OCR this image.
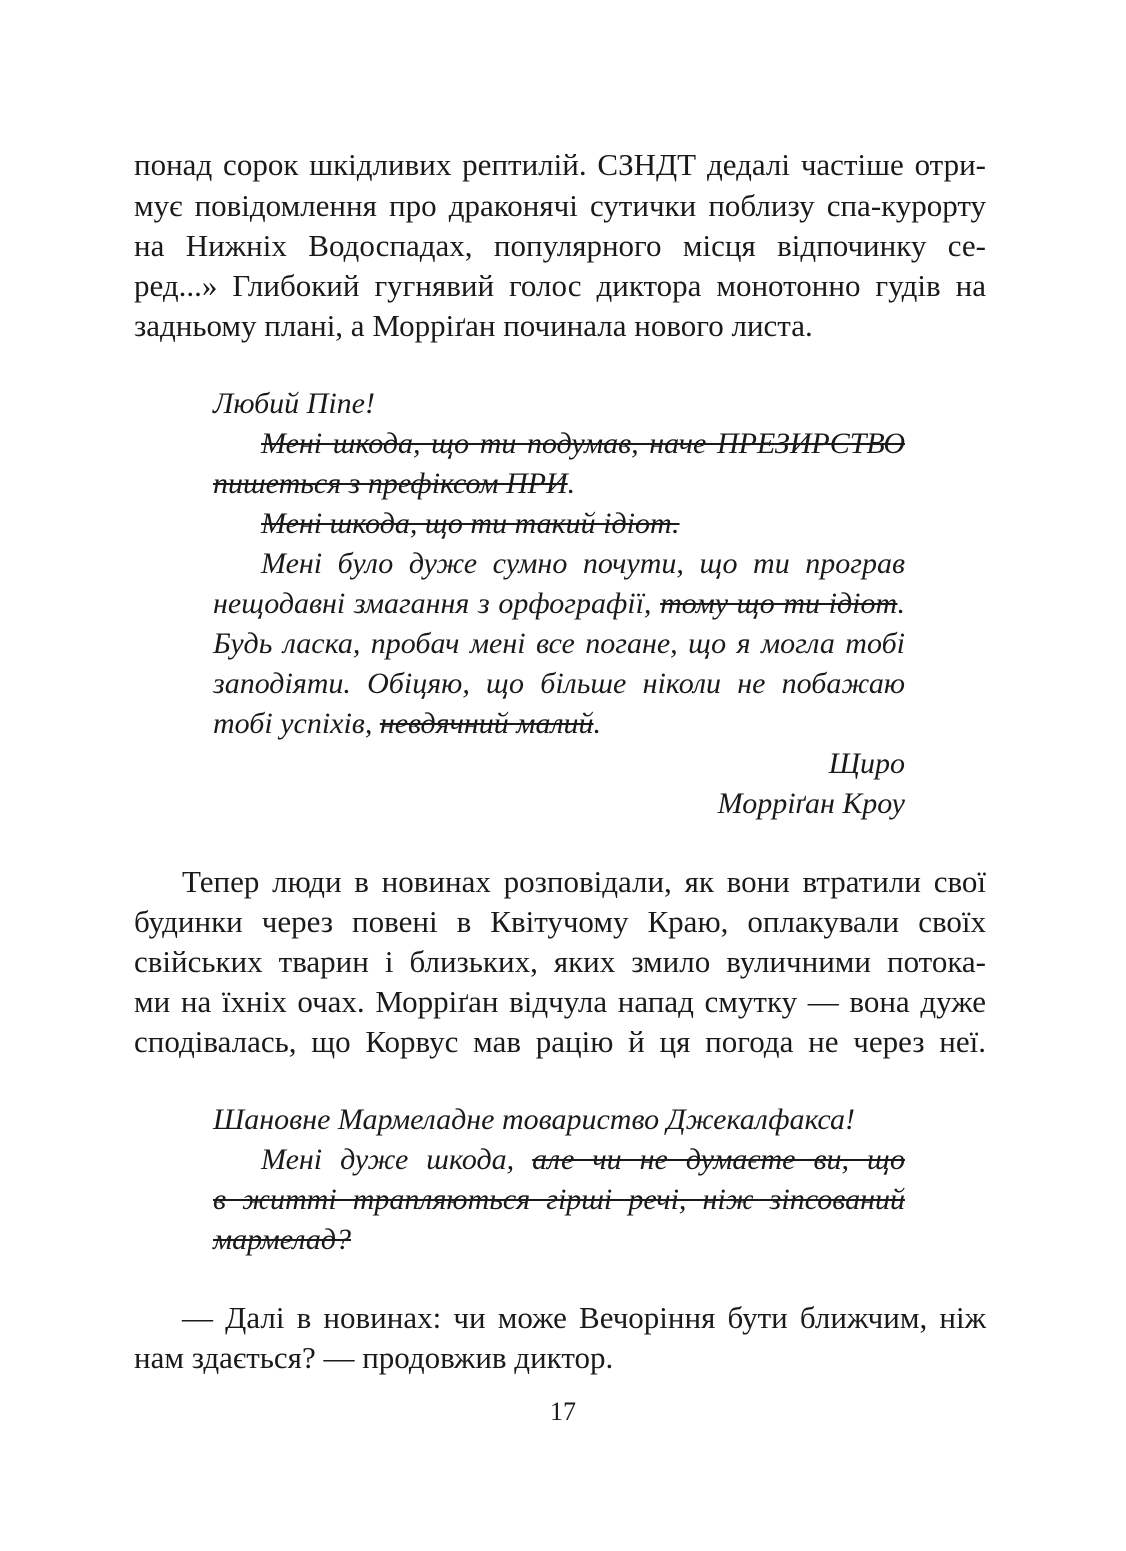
понад сорок шкідливих рептилій. СЗНДТ дедалі частіше отри-
мує повідомлення про драконячі сутички поблизу спа-курорту
на Нижніх Водоспадах, популярного місця відпочинку се-
ред...» Глибокий гугнявий голос диктора монотонно гудів на
задньому плані, а Морріґан починала нового листа.
Любий Піпе!
Мені шкода, що ти подумав, наче ПРЕЗИРСТВО
пишеться з префіксом ПРИ.
Мені шкода, що ти такий ідіот.
Мені було дуже сумно почути, що ти програв
нещодавні змагання з орфографії, тому що ти ідіот.
Будь ласка, пробач мені все погане, що я могла тобі
заподіяти. Обіцяю, що більше ніколи не побажаю
тобі успіхів, невдячний малий.
Щиро
Морріґан Кроу
Тепер люди в новинах розповідали, як вони втратили свої
будинки через повені в Квітучому Краю, оплакували своїх
свійських тварин і близьких, яких змило вуличними потока-
ми на їхніх очах. Морріґан відчула напад смутку — вона дуже
сподівалась, що Корвус мав рацію й ця погода не через неї.
Шановне Мармеладне товариство Джекалфакса!
Мені дуже шкода, але чи не думаєте ви, що
в житті трапляються гірші речі, ніж зіпсований
мармелад?
— Далі в новинах: чи може Вечоріння бути ближчим, ніж
нам здається? — продовжив диктор.
17
